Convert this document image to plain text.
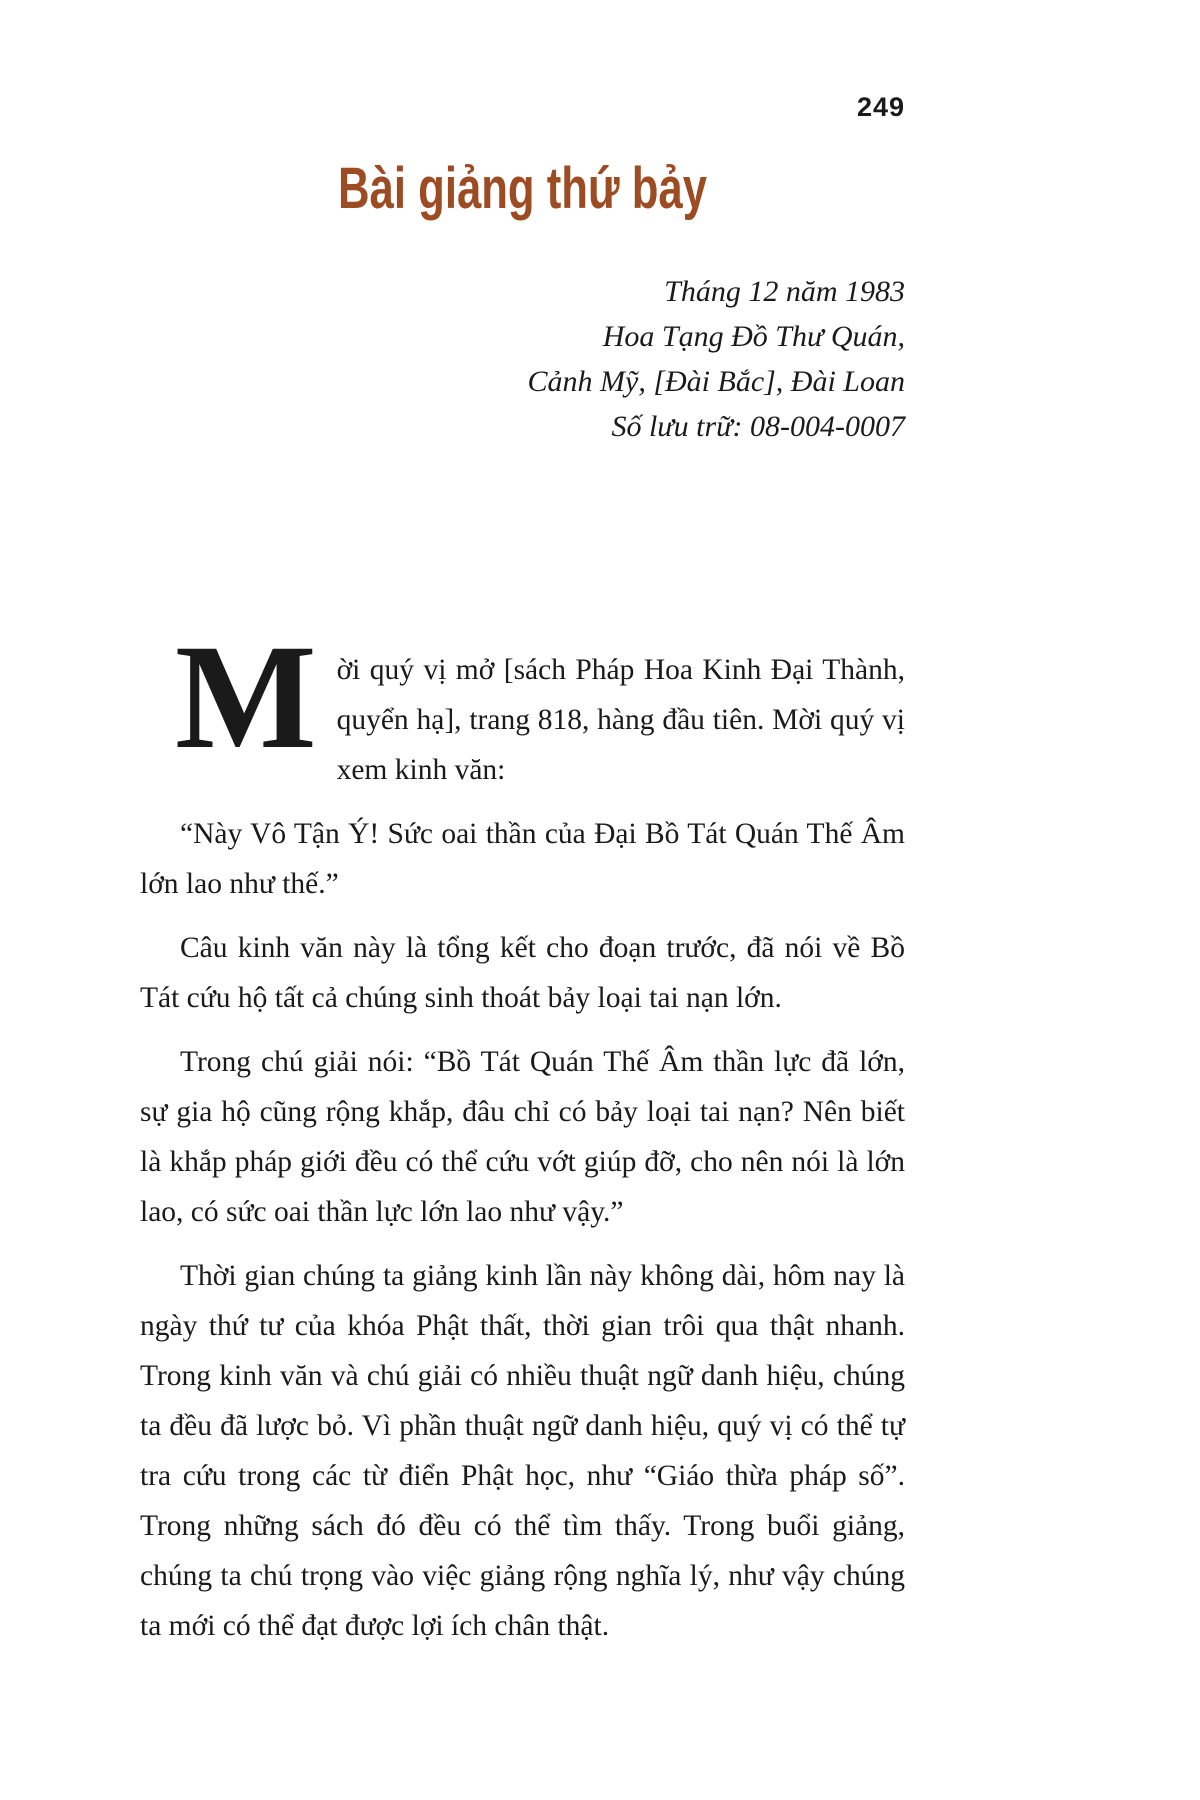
249
Bài giảng thứ bảy
Tháng 12 năm 1983
Hoa Tạng Đồ Thư Quán,
Cảnh Mỹ, [Đài Bắc], Đài Loan
Số lưu trữ: 08-004-0007

Mời quý vị mở [sách Pháp Hoa Kinh Đại Thành, quyển hạ], trang 818, hàng đầu tiên. Mời quý vị xem kinh văn:

“Này Vô Tận Ý! Sức oai thần của Đại Bồ Tát Quán Thế Âm lớn lao như thế.”

Câu kinh văn này là tổng kết cho đoạn trước, đã nói về Bồ Tát cứu hộ tất cả chúng sinh thoát bảy loại tai nạn lớn.

Trong chú giải nói: “Bồ Tát Quán Thế Âm thần lực đã lớn, sự gia hộ cũng rộng khắp, đâu chỉ có bảy loại tai nạn? Nên biết là khắp pháp giới đều có thể cứu vớt giúp đỡ, cho nên nói là lớn lao, có sức oai thần lực lớn lao như vậy.”

Thời gian chúng ta giảng kinh lần này không dài, hôm nay là ngày thứ tư của khóa Phật thất, thời gian trôi qua thật nhanh. Trong kinh văn và chú giải có nhiều thuật ngữ danh hiệu, chúng ta đều đã lược bỏ. Vì phần thuật ngữ danh hiệu, quý vị có thể tự tra cứu trong các từ điển Phật học, như “Giáo thừa pháp số”. Trong những sách đó đều có thể tìm thấy. Trong buổi giảng, chúng ta chú trọng vào việc giảng rộng nghĩa lý, như vậy chúng ta mới có thể đạt được lợi ích chân thật.
